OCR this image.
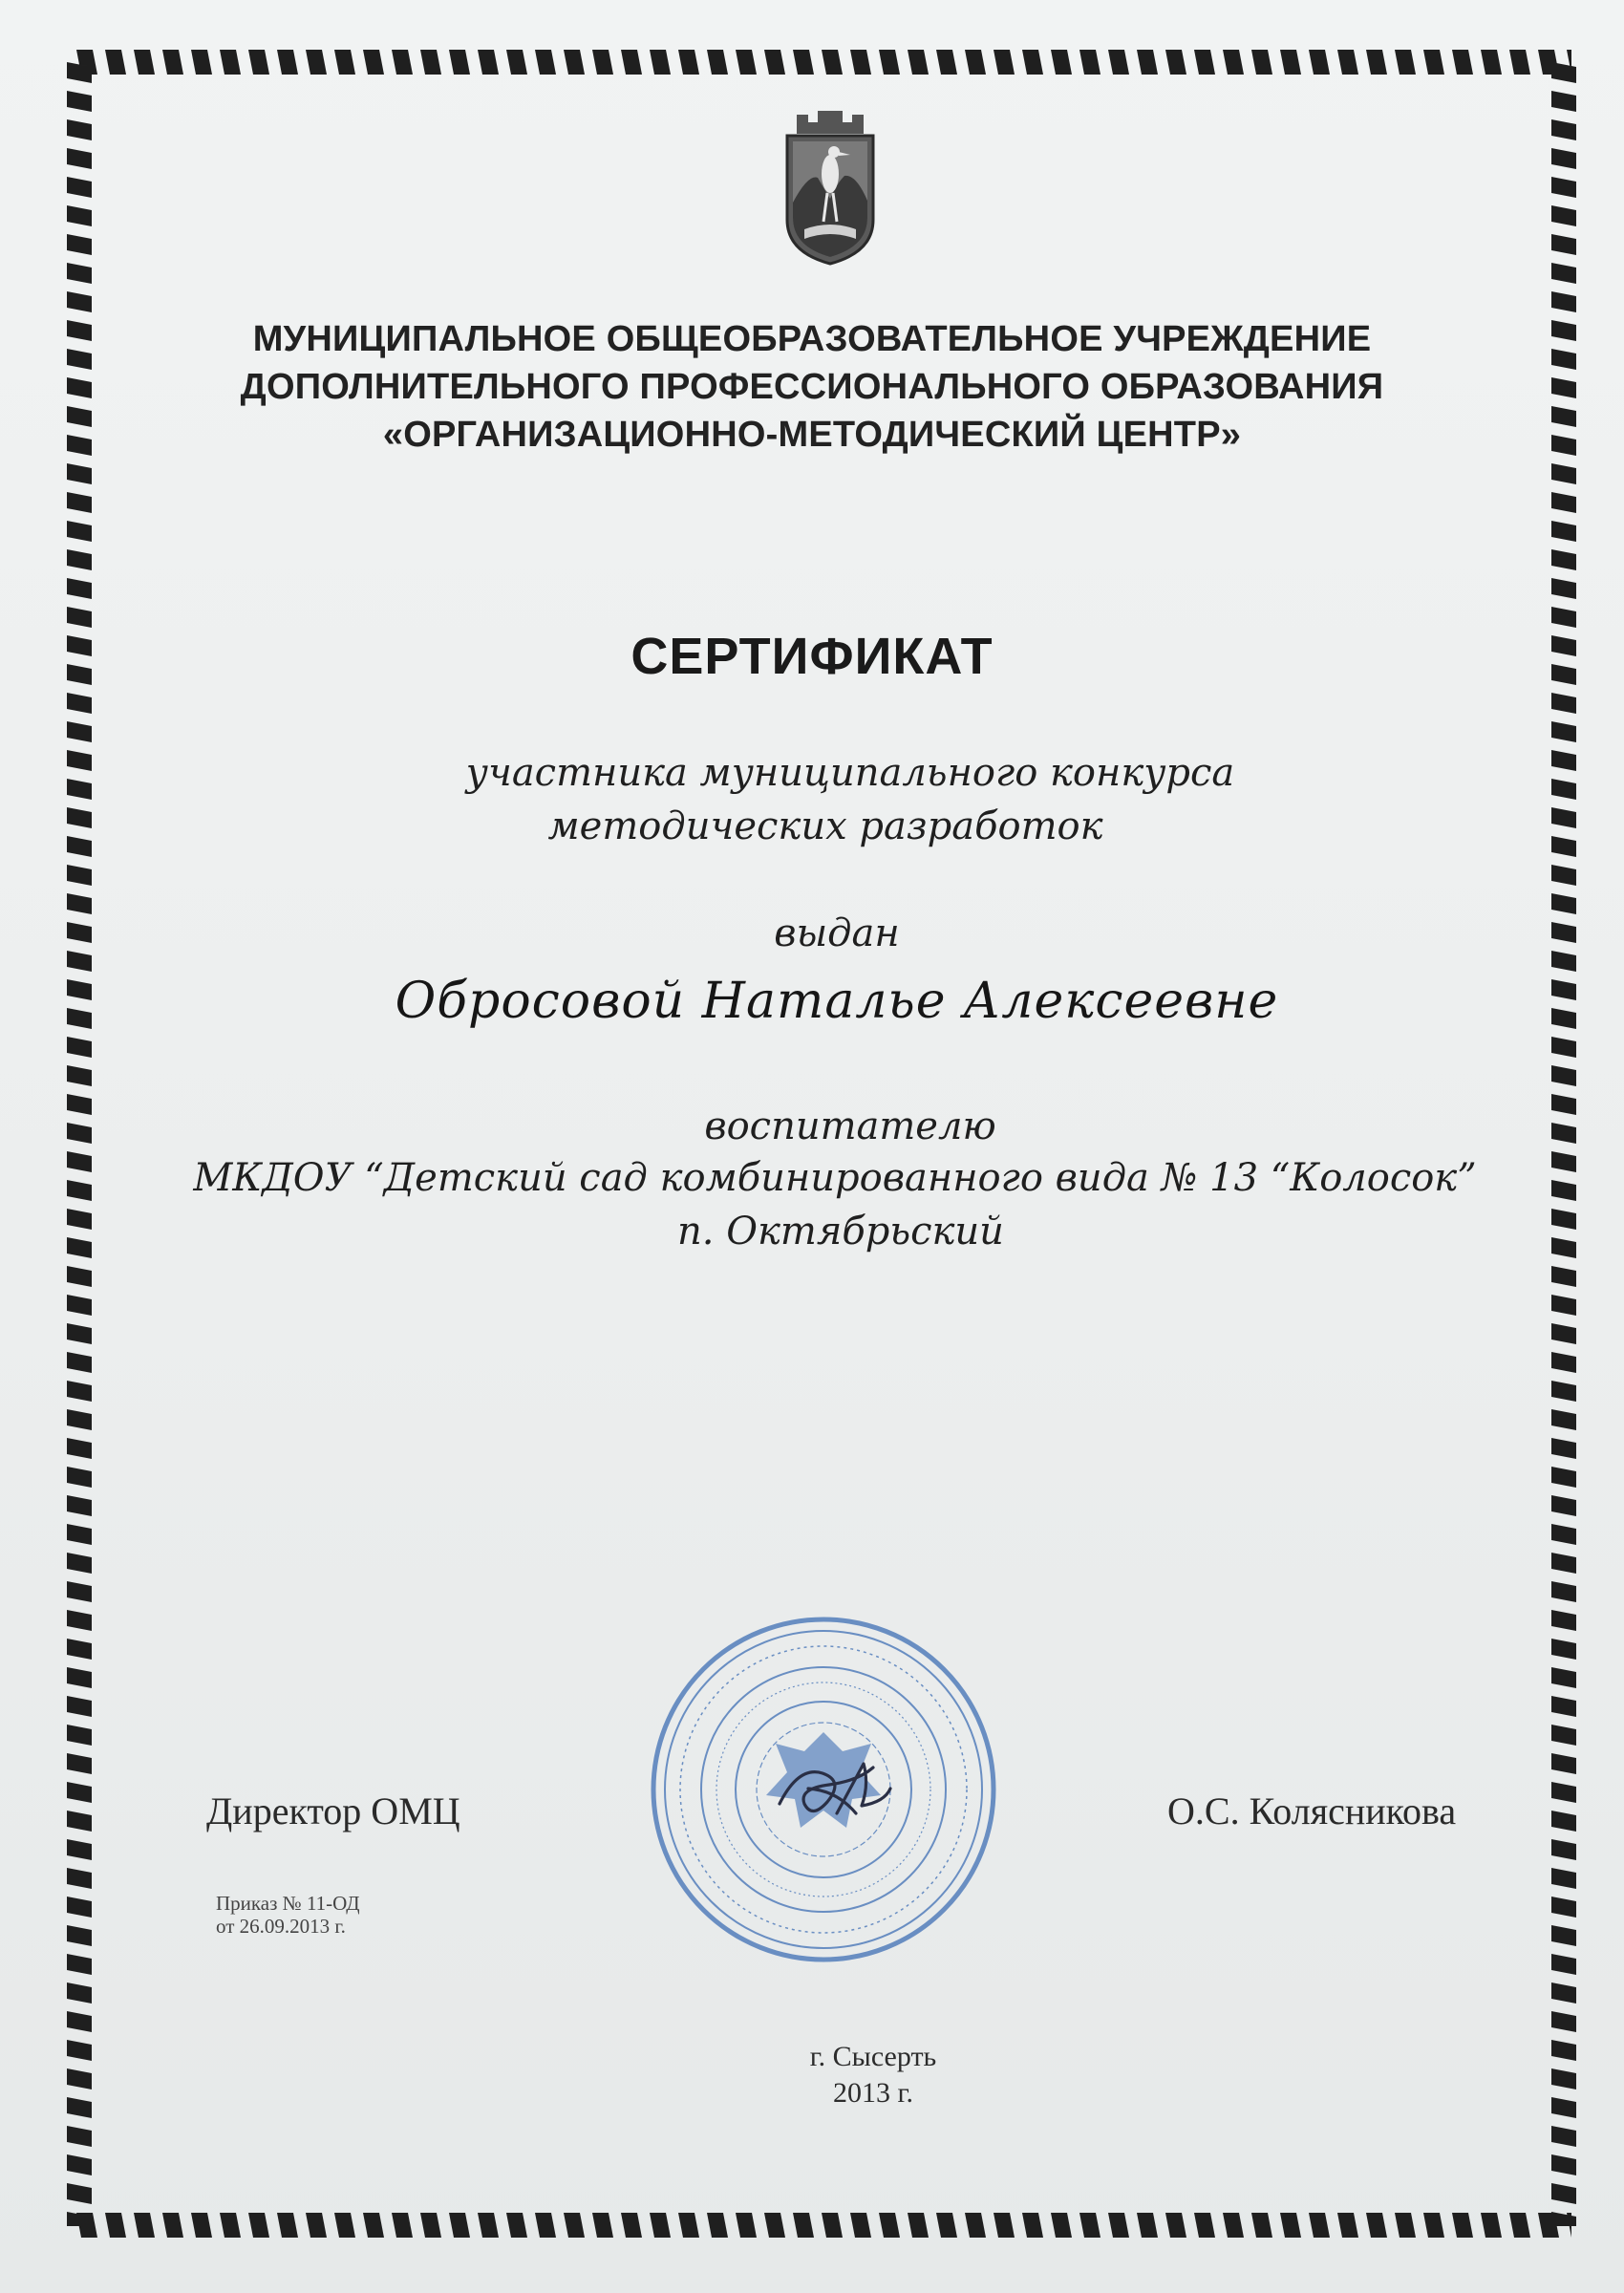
МУНИЦИПАЛЬНОЕ ОБЩЕОБРАЗОВАТЕЛЬНОЕ УЧРЕЖДЕНИЕ
ДОПОЛНИТЕЛЬНОГО ПРОФЕССИОНАЛЬНОГО ОБРАЗОВАНИЯ
«ОРГАНИЗАЦИОННО-МЕТОДИЧЕСКИЙ ЦЕНТР»
СЕРТИФИКАТ
участника муниципального конкурса
методических разработок
выдан
Обросовой Наталье Алексеевне
воспитателю
МКДОУ “Детский сад комбинированного вида № 13 “Колосок”
п. Октябрьский
Директор ОМЦ	О.С. Колясникова
Приказ № 11-ОД
от 26.09.2013 г.
г. Сысерть
2013 г.
